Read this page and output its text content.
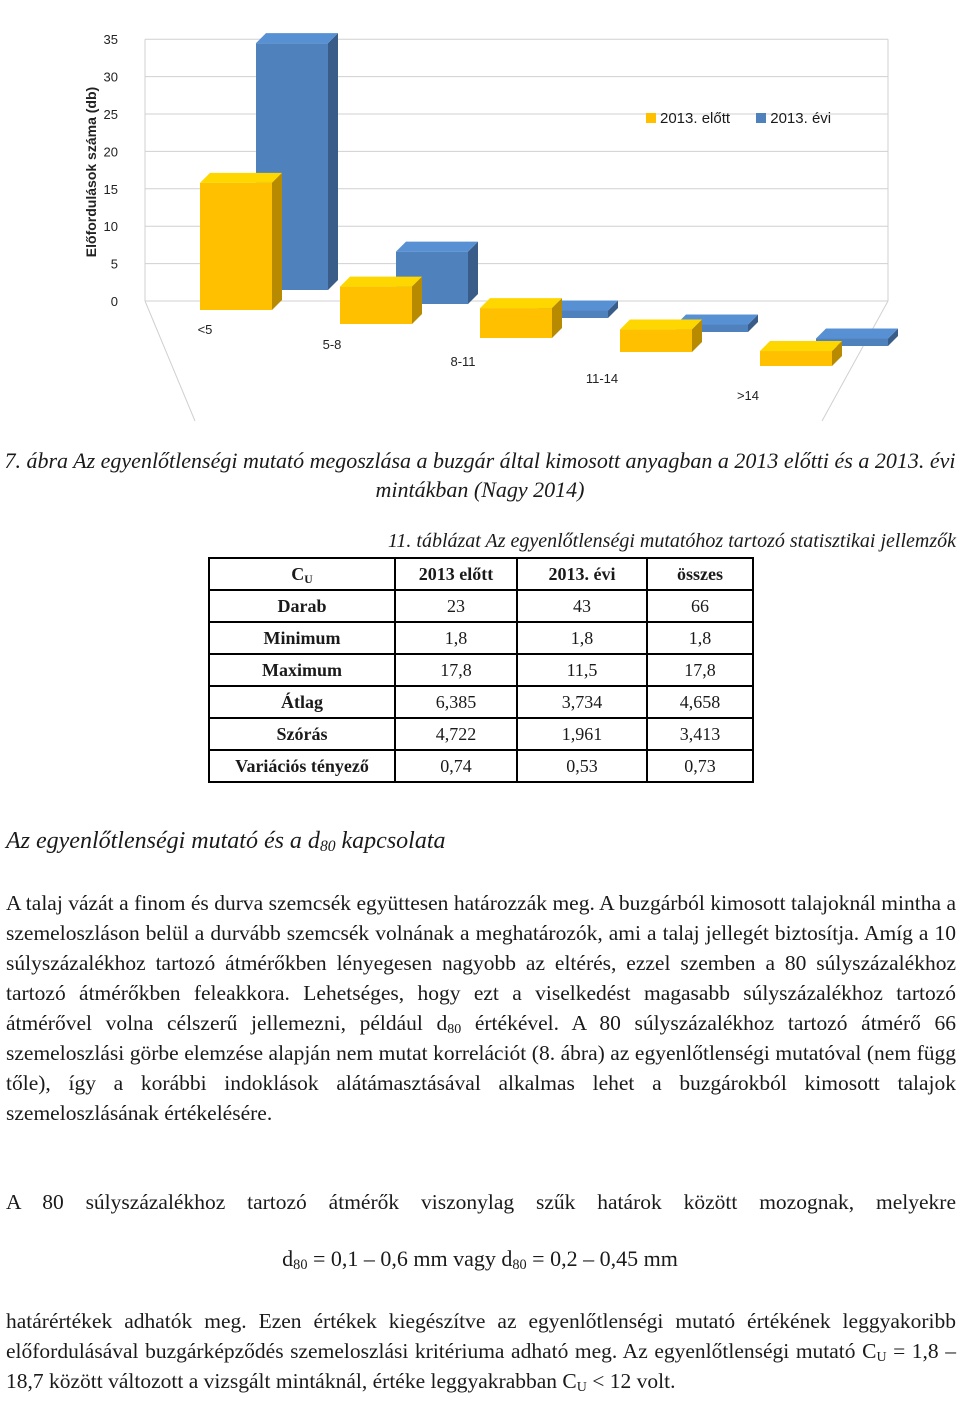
0
5
10
15
20
25
30
35
Előfordulások száma (db)
<5
5-8
8-11
11-14
>14
2013. előtt	2013. évi
7. ábra Az egyenlőtlenségi mutató megoszlása a buzgár által kimosott anyagban a 2013 előtti és a 2013. évi mintákban (Nagy 2014)
11. táblázat Az egyenlőtlenségi mutatóhoz tartozó statisztikai jellemzők
$C_U$	2013 előtt	2013. évi	összes
Darab	23	43	66
Minimum	1,8	1,8	1,8
Maximum	17,8	11,5	17,8
Átlag	6,385	3,734	4,658
Szórás	4,722	1,961	3,413
Variációs tényező	0,74	0,53	0,73
Az egyenlőtlenségi mutató és a $d_{80}$ kapcsolata

A talaj vázát a finom és durva szemcsék együttesen határozzák meg. A buzgárból kimosott talajoknál mintha a szemeloszláson belül a durvább szemcsék volnának a meghatározók, ami a talaj jellegét biztosítja. Amíg a 10 súlyszázalékhoz tartozó átmérőkben lényegesen nagyobb az eltérés, ezzel szemben a 80 súlyszázalékhoz tartozó átmérőkben feleakkora. Lehetséges, hogy ezt a viselkedést magasabb súlyszázalékhoz tartozó átmérővel volna célszerű jellemezni, például $d_{80}$ értékével. A 80 súlyszázalékhoz tartozó átmérő 66 szemeloszlási görbe elemzése alapján nem mutat korrelációt (8. ábra) az egyenlőtlenségi mutatóval (nem függ tőle), így a korábbi indoklások alátámasztásával alkalmas lehet a buzgárokból kimosott talajok szemeloszlásának értékelésére.

A 80 súlyszázalékhoz tartozó átmérők viszonylag szűk határok között mozognak, melyekre

$d_{80} = 0,1 - 0,6$ mm vagy $d_{80} = 0,2 - 0,45$ mm

határértékek adhatók meg. Ezen értékek kiegészítve az egyenlőtlenségi mutató értékének leggyakoribb előfordulásával buzgárképződés szemeloszlási kritériuma adható meg. Az egyenlőtlenségi mutató $C_U = 1,8 - 18,7$ között változott a vizsgált mintáknál, értéke leggyakrabban $C_U < 12$ volt.
